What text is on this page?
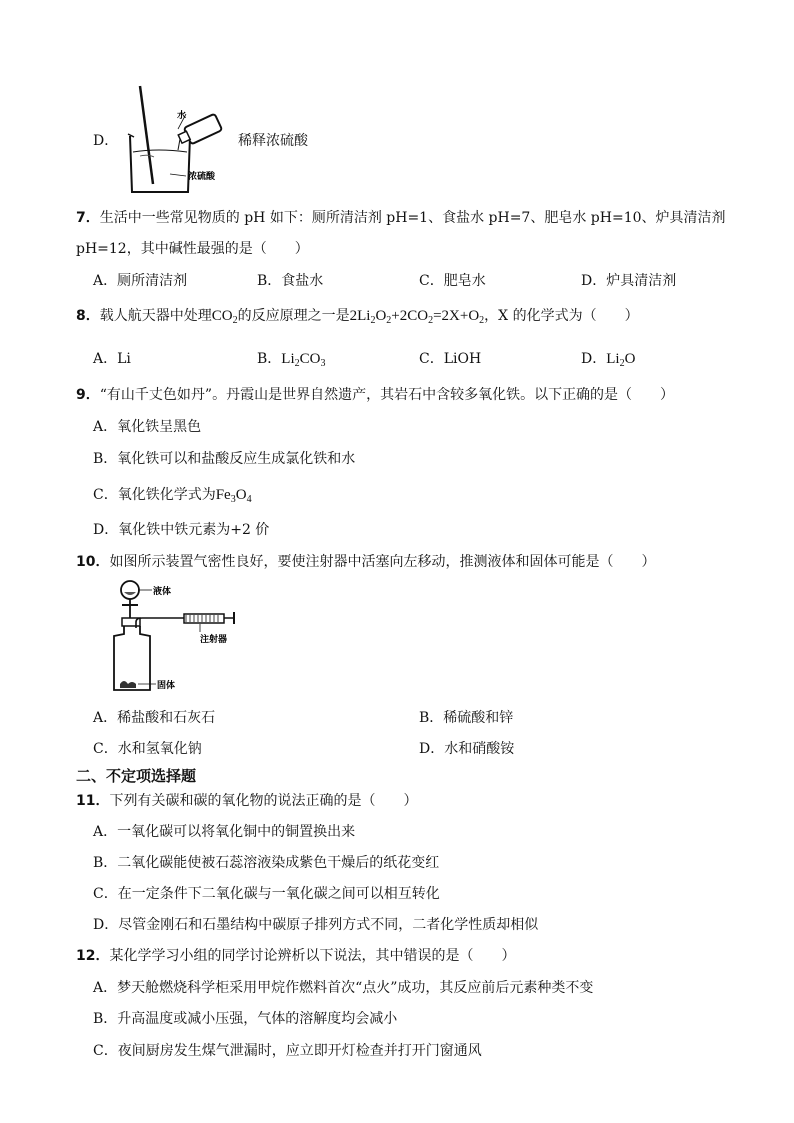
D．
水
浓硫酸
稀释浓硫酸
7．生活中一些常见物质的 pH 如下：厕所清洁剂 pH=1、食盐水 pH=7、肥皂水 pH=10、炉具清洁剂
pH=12，其中碱性最强的是（　　）
A．厕所清洁剂	B．食盐水	C．肥皂水	D．炉具清洁剂
8．载人航天器中处理$CO_2$的反应原理之一是$2Li_2O_2+2CO_2=2X+O_2$，X 的化学式为（　　）
A．Li	B．$Li_2CO_3$	C．LiOH	D．$Li_2O$
9．“有山千丈色如丹”。丹霞山是世界自然遗产，其岩石中含较多氧化铁。以下正确的是（　　）
A．氧化铁呈黑色
B．氧化铁可以和盐酸反应生成氯化铁和水
C．氧化铁化学式为$Fe_3O_4$
D．氧化铁中铁元素为+2 价
10．如图所示装置气密性良好，要使注射器中活塞向左移动，推测液体和固体可能是（　　）
液体
注射器
固体
A．稀盐酸和石灰石	B．稀硫酸和锌
C．水和氢氧化钠	D．水和硝酸铵
二、不定项选择题
11．下列有关碳和碳的氧化物的说法正确的是（　　）
A．一氧化碳可以将氧化铜中的铜置换出来
B．二氧化碳能使被石蕊溶液染成紫色干燥后的纸花变红
C．在一定条件下二氧化碳与一氧化碳之间可以相互转化
D．尽管金刚石和石墨结构中碳原子排列方式不同，二者化学性质却相似
12．某化学学习小组的同学讨论辨析以下说法，其中错误的是（　　）
A．梦天舱燃烧科学柜采用甲烷作燃料首次“点火”成功，其反应前后元素种类不变
B．升高温度或减小压强，气体的溶解度均会减小
C．夜间厨房发生煤气泄漏时，应立即开灯检查并打开门窗通风
